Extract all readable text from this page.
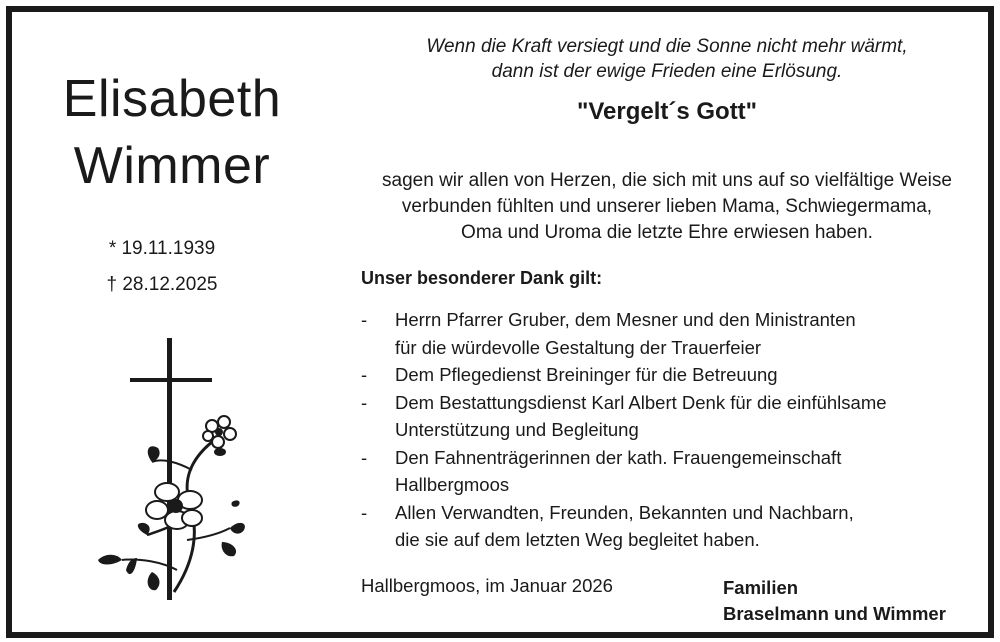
Elisabeth
Wimmer
* 19.11.1939
† 28.12.2025
Wenn die Kraft versiegt und die Sonne nicht mehr wärmt,
dann ist der ewige Frieden eine Erlösung.
"Vergelt´s Gott"
sagen wir allen von Herzen, die sich mit uns auf so vielfältige Weise
verbunden fühlten und unserer lieben Mama, Schwiegermama,
Oma und Uroma die letzte Ehre erwiesen haben.
Unser besonderer Dank gilt:
- Herrn Pfarrer Gruber, dem Mesner und den Ministranten
für die würdevolle Gestaltung der Trauerfeier
- Dem Pflegedienst Breininger für die Betreuung
- Dem Bestattungsdienst Karl Albert Denk für die einfühlsame
Unterstützung und Begleitung
- Den Fahnenträgerinnen der kath. Frauengemeinschaft
Hallbergmoos
- Allen Verwandten, Freunden, Bekannten und Nachbarn,
die sie auf dem letzten Weg begleitet haben.
Hallbergmoos, im Januar 2026	Familien
Braselmann und Wimmer
